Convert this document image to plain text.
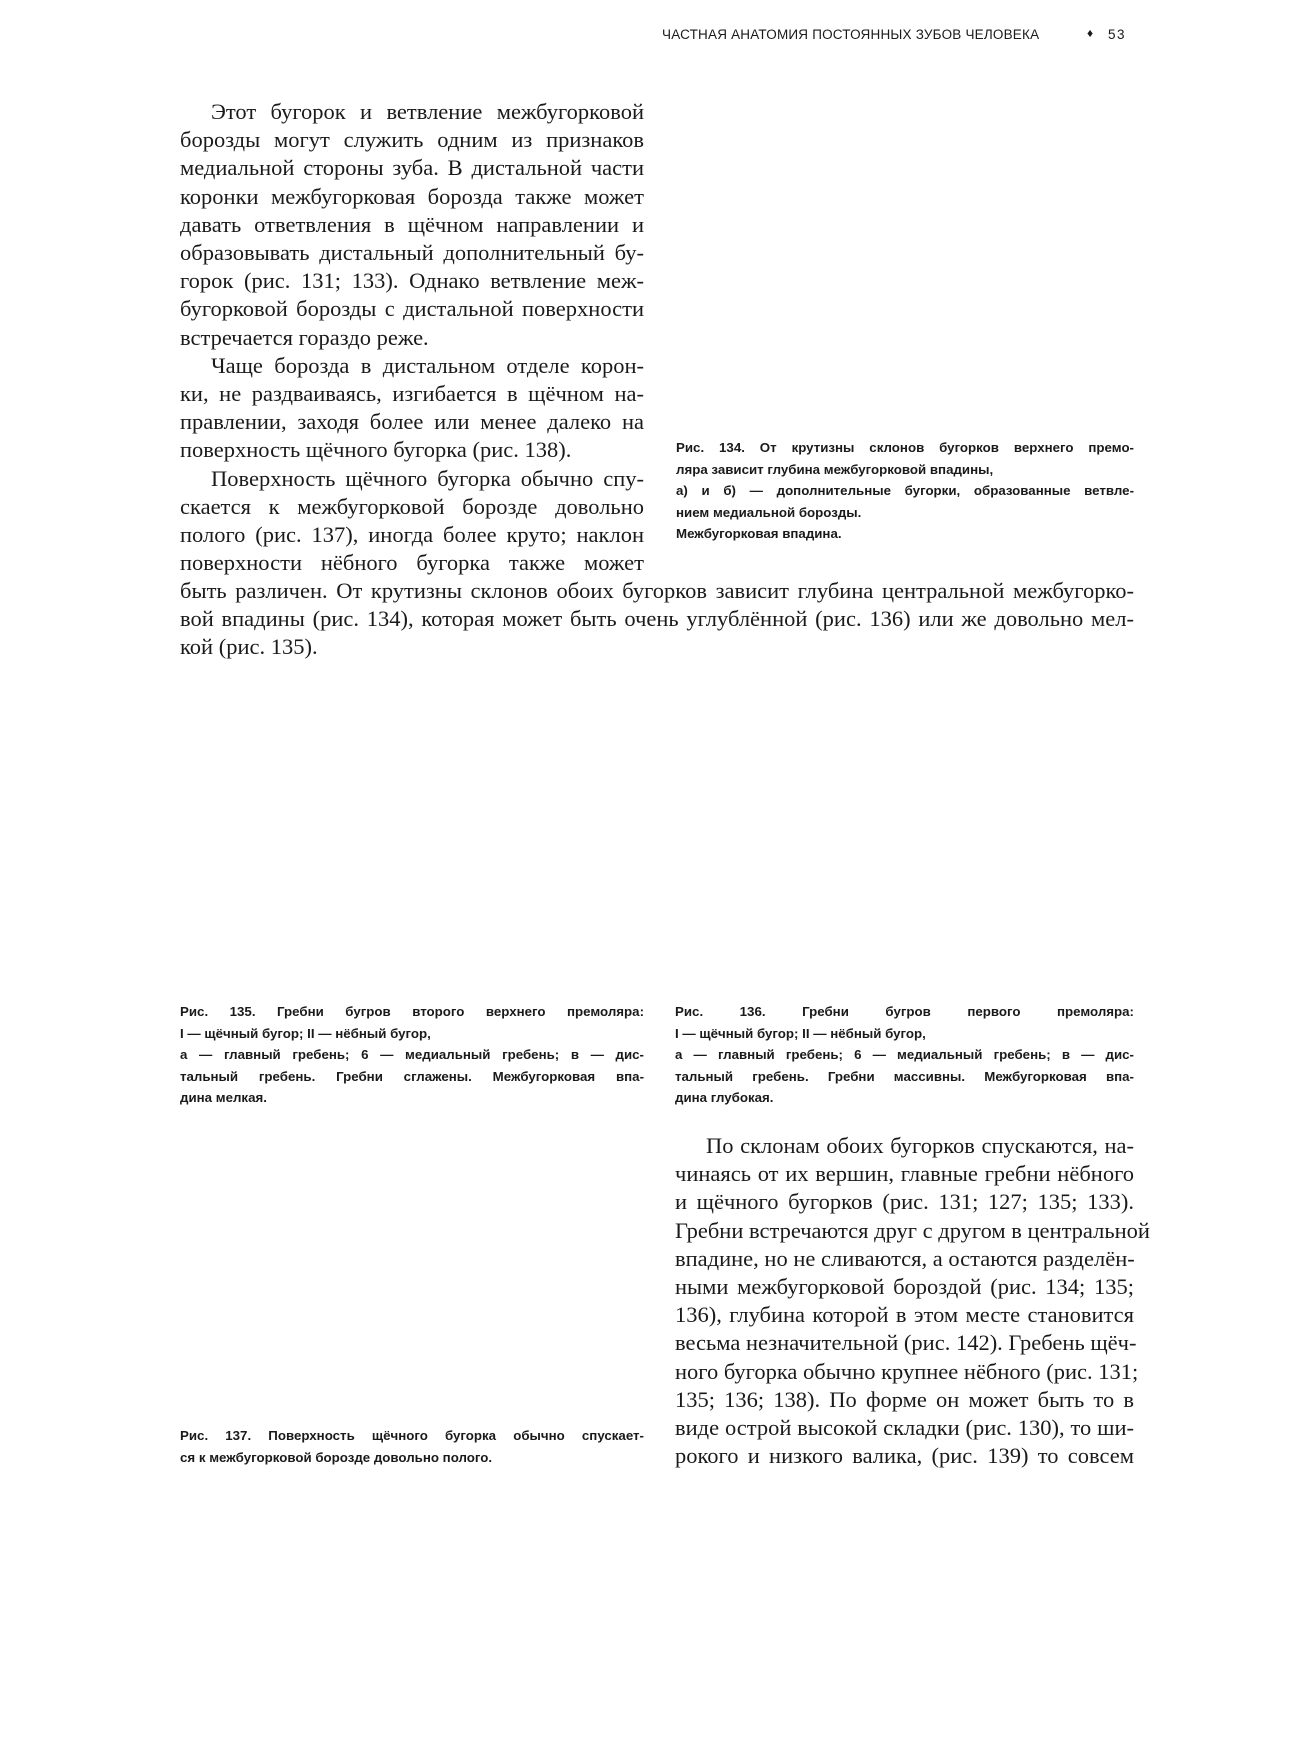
ЧАСТНАЯ АНАТОМИЯ ПОСТОЯННЫХ ЗУБОВ ЧЕЛОВЕКА	♦ 53
Этот бугорок и ветвление межбугорковой
борозды могут служить одним из признаков
медиальной стороны зуба. В дистальной части
коронки межбугорковая борозда также может
давать ответвления в щёчном направлении и
образовывать дистальный дополнительный бу-
горок (рис. 131; 133). Однако ветвление меж-
бугорковой борозды с дистальной поверхности
встречается гораздо реже.
Чаще борозда в дистальном отделе корон-
ки, не раздваиваясь, изгибается в щёчном на-
правлении, заходя более или менее далеко на
поверхность щёчного бугорка (рис. 138).
Поверхность щёчного бугорка обычно спу-
скается к межбугорковой борозде довольно
полого (рис. 137), иногда более круто; наклон
поверхности нёбного бугорка также может
быть различен. От крутизны склонов обоих бугорков зависит глубина центральной межбугорко-
вой впадины (рис. 134), которая может быть очень углублённой (рис. 136) или же довольно мел-
кой (рис. 135).
Рис. 134. От крутизны склонов бугорков верхнего премо-
ляра зависит глубина межбугорковой впадины,
а) и б) — дополнительные бугорки, образованные ветвле-
нием медиальной борозды.
Межбугорковая впадина.
Рис. 135. Гребни бугров второго верхнего премоляра:
I — щёчный бугор; II — нёбный бугор,
а — главный гребень; 6 — медиальный гребень; в — дис-
тальный гребень. Гребни сглажены. Межбугорковая впа-
дина мелкая.
Рис. 136. Гребни бугров первого премоляра:
I — щёчный бугор; II — нёбный бугор,
а — главный гребень; 6 — медиальный гребень; в — дис-
тальный гребень. Гребни массивны. Межбугорковая впа-
дина глубокая.
Рис. 137. Поверхность щёчного бугорка обычно спускает-
ся к межбугорковой борозде довольно полого.
По склонам обоих бугорков спускаются, на-
чинаясь от их вершин, главные гребни нёбного
и щёчного бугорков (рис. 131; 127; 135; 133).
Гребни встречаются друг с другом в центральной
впадине, но не сливаются, а остаются разделён-
ными межбугорковой бороздой (рис. 134; 135;
136), глубина которой в этом месте становится
весьма незначительной (рис. 142). Гребень щёч-
ного бугорка обычно крупнее нёбного (рис. 131;
135; 136; 138). По форме он может быть то в
виде острой высокой складки (рис. 130), то ши-
рокого и низкого валика, (рис. 139) то совсем
